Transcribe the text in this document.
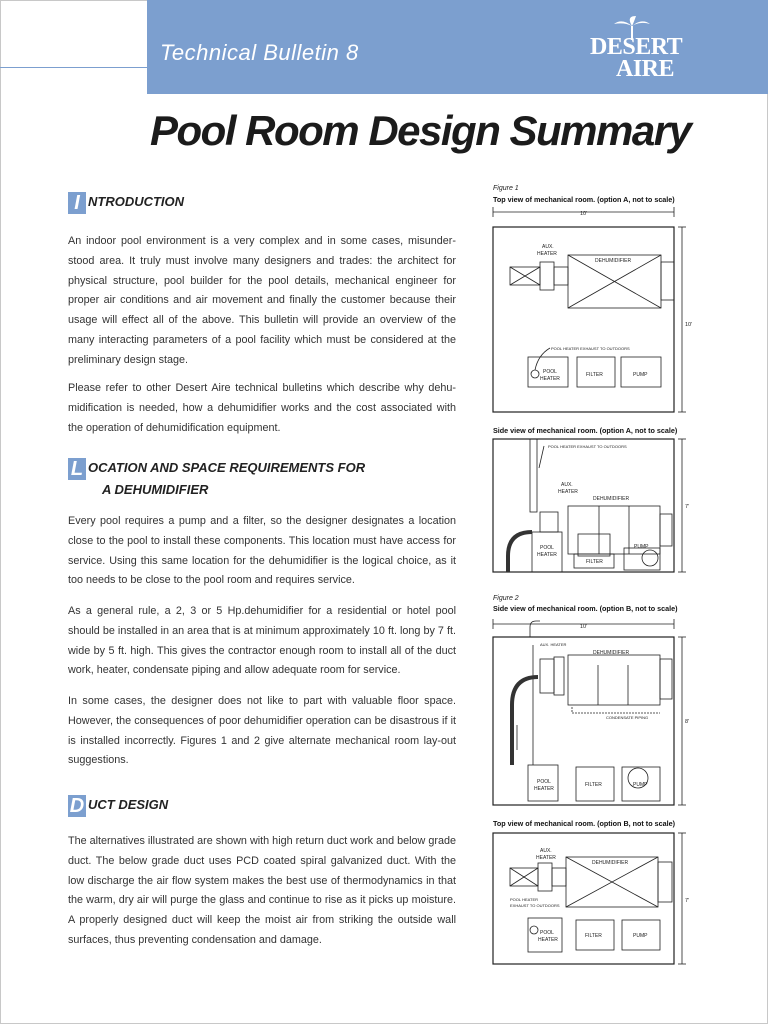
Technical Bulletin 8	DESERT
AIRE
Pool Room Design Summary
I NTRODUCTION
An indoor pool environment is a very complex and in some cases, misunder-stood area. It truly must involve many designers and trades: the architect for physical structure, pool builder for the pool details, mechanical engineer for proper air conditions and air movement and finally the customer because their usage will effect all of the above. This bulletin will provide an overview of the many interacting parameters of a pool facility which must be considered at the preliminary design stage.
Please refer to other Desert Aire technical bulletins which describe why dehu-midification is needed, how a dehumidifier works and the cost associated with the operation of dehumidification equipment.
L OCATION AND SPACE REQUIREMENTS FOR
A DEHUMIDIFIER
Every pool requires a pump and a filter, so the designer designates a location close to the pool to install these components. This location must have access for service. Using this same location for the dehumidifier is the logical choice, as it too needs to be close to the pool room and requires service.
As a general rule, a 2, 3 or 5 Hp.dehumidifier for a residential or hotel pool should be installed in an area that is at minimum approximately 10 ft. long by 7 ft. wide by 5 ft. high. This gives the contractor enough room to install all of the duct work, heater, condensate piping and allow adequate room for service.
In some cases, the designer does not like to part with valuable floor space. However, the consequences of poor dehumidifier operation can be disastrous if it is installed incorrectly. Figures 1 and 2 give alternate mechanical room lay-out suggestions.
D UCT DESIGN
The alternatives illustrated are shown with high return duct work and below grade duct. The below grade duct uses PCD coated spiral galvanized duct. With the low discharge the air flow system makes the best use of thermodynamics in that the warm, dry air will purge the glass and continue to rise as it picks up moisture. A properly designed duct will keep the moist air from striking the outside wall surfaces, thus preventing condensation and damage.
Figure 1
Top view of mechanical room. (option A, not to scale)
Side view of mechanical room. (option A, not to scale)
Figure 2
Side view of mechanical room. (option B, not to scale)
Top view of mechanical room. (option B, not to scale)
10'
10'
AUX.
HEATER
DEHUMIDIFIER
POOL HEATER EXHAUST TO OUTDOORS
POOL
HEATER
FILTER	PUMP
7'
POOL HEATER EXHAUST TO OUTDOORS
AUX.
HEATER
DEHUMIDIFIER
POOL
HEATER
PUMP
FILTER
10'
8'
AUX. HEATER
DEHUMIDIFIER
CONDENSATE PIPING
POOL
HEATER
FILTER	PUMP
7'
AUX.
HEATER
DEHUMIDIFIER
POOL HEATER
EXHAUST TO OUTDOORS
POOL
HEATER
FILTER	PUMP
